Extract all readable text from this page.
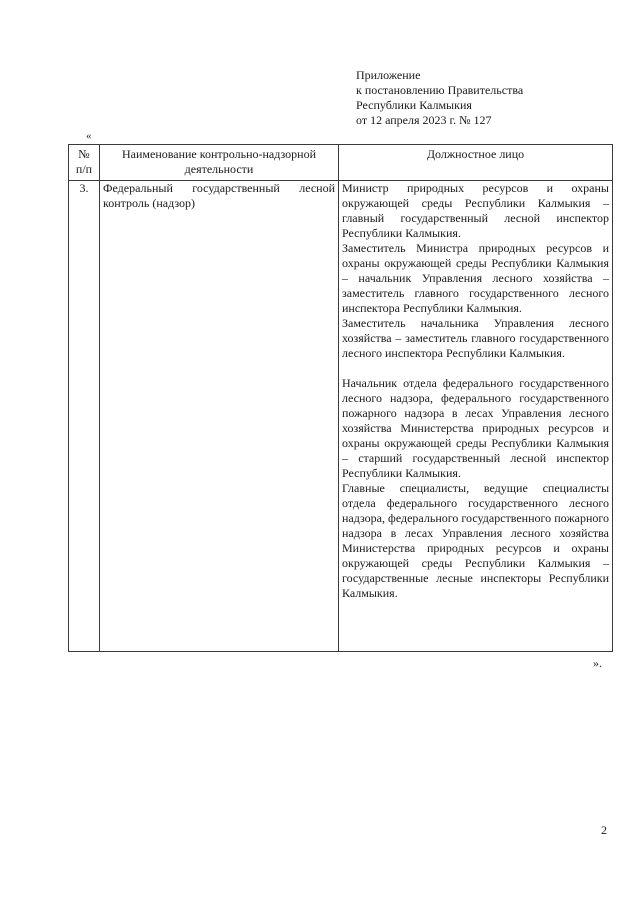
Приложение
к постановлению Правительства
Республики Калмыкия
от 12 апреля 2023 г. № 127
«
№ п/п	Наименование контрольно-надзорной деятельности	Должностное лицо
3.	Федеральный государственный лесной контроль (надзор)	Министр природных ресурсов и охраны окружающей среды Республики Калмыкия – главный государственный лесной инспектор Республики Калмыкия.

Заместитель Министра природных ресурсов и охраны окружающей среды Республики Калмыкия – начальник Управления лесного хозяйства – заместитель главного государственного лесного инспектора Республики Калмыкия.

Заместитель начальника Управления лесного хозяйства – заместитель главного государственного лесного инспектора Республики Калмыкия.

Начальник отдела федерального государственного лесного надзора, федерального государственного пожарного надзора в лесах Управления лесного хозяйства Министерства природных ресурсов и охраны окружающей среды Республики Калмыкия – старший государственный лесной инспектор Республики Калмыкия.

Главные специалисты, ведущие специалисты отдела федерального государственного лесного надзора, федерального государственного пожарного надзора в лесах Управления лесного хозяйства Министерства природных ресурсов и охраны окружающей среды Республики Калмыкия – государственные лесные инспекторы Республики Калмыкия.

».
2
